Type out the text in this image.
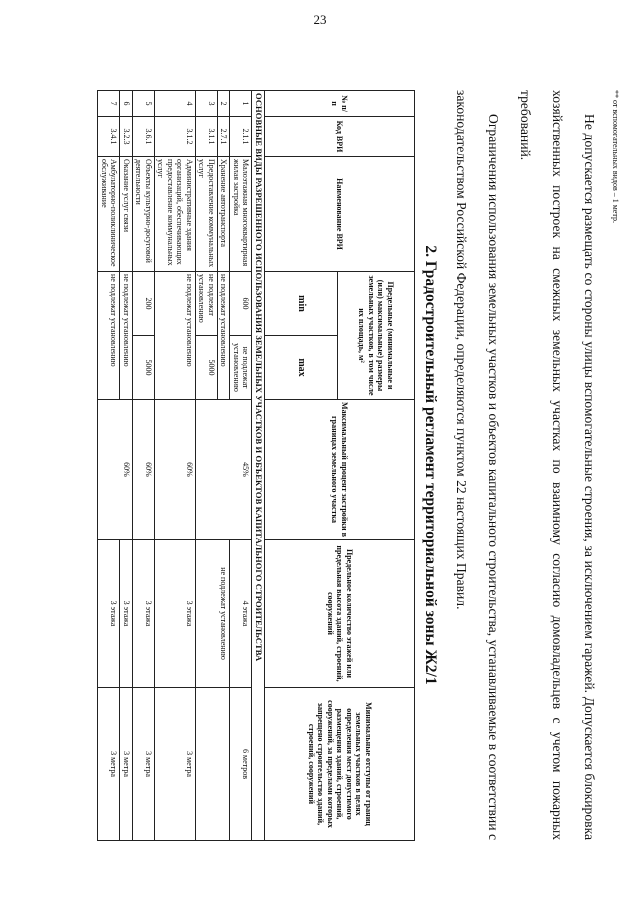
23
** от вспомогательных видов – 1 метр.

Не допускается размещать со стороны улицы вспомогательные строения, за исключением гаражей. Допускается блокировка хозяйственных построек на смежных земельных участках по взаимному согласию домовладельцев с учетом пожарных требований.

Ограничения использования земельных участков и объектов капитального строительства, устанавливаемые в соответствии с законодательством Российской Федерации, определяются пунктом 22 настоящих Правил.

2. Градостроительный регламент территориальной зоны Ж2/1
№ п/п	Код ВРИ	Наименование ВРИ	Предельные (минимальные и (или) максимальные) размеры земельных участков, в том числе их площадь, м²		Максимальный процент застройки в границах земельного участка	Предельное количество этажей или предельная высота зданий, строений, сооружений	Минимальные отступы от границ земельных участков в целях определения мест допустимого размещения зданий, строений, сооружений, за пределами которых запрещено строительство зданий, строений, сооружений
			min	max			
ОСНОВНЫЕ ВИДЫ РАЗРЕШЕННОГО ИСПОЛЬЗОВАНИЯ ЗЕМЕЛЬНЫХ УЧАСТКОВ И ОБЪЕКТОВ КАПИТАЛЬНОГО СТРОИТЕЛЬСТВА							
1	2.1.1	Малоэтажная многоквартирная жилая застройка	600	не подлежат установлению	45%	4 этажа	6 метров
2	2.7.1	Хранение автотранспорта	не подлежат установлению			не подлежат установлению	
3	3.1.1	Предоставление коммунальных услуг	не подлежат установлению	5000			
4	3.1.2	Административные здания организаций, обеспечивающих предоставление коммунальных услуг	не подлежат установлению		60%	3 этажа	3 метра
5	3.6.1	Объекты культурно-досуговой деятельности	200	5000	60%	3 этажа	3 метра
6	3.2.3	Оказание услуг связи	не подлежат установлению		60%	3 этажа	3 метра
7	3.4.1	Амбулаторно-поликлиническое обслуживание	не подлежат установлению			3 этажа	3 метра
